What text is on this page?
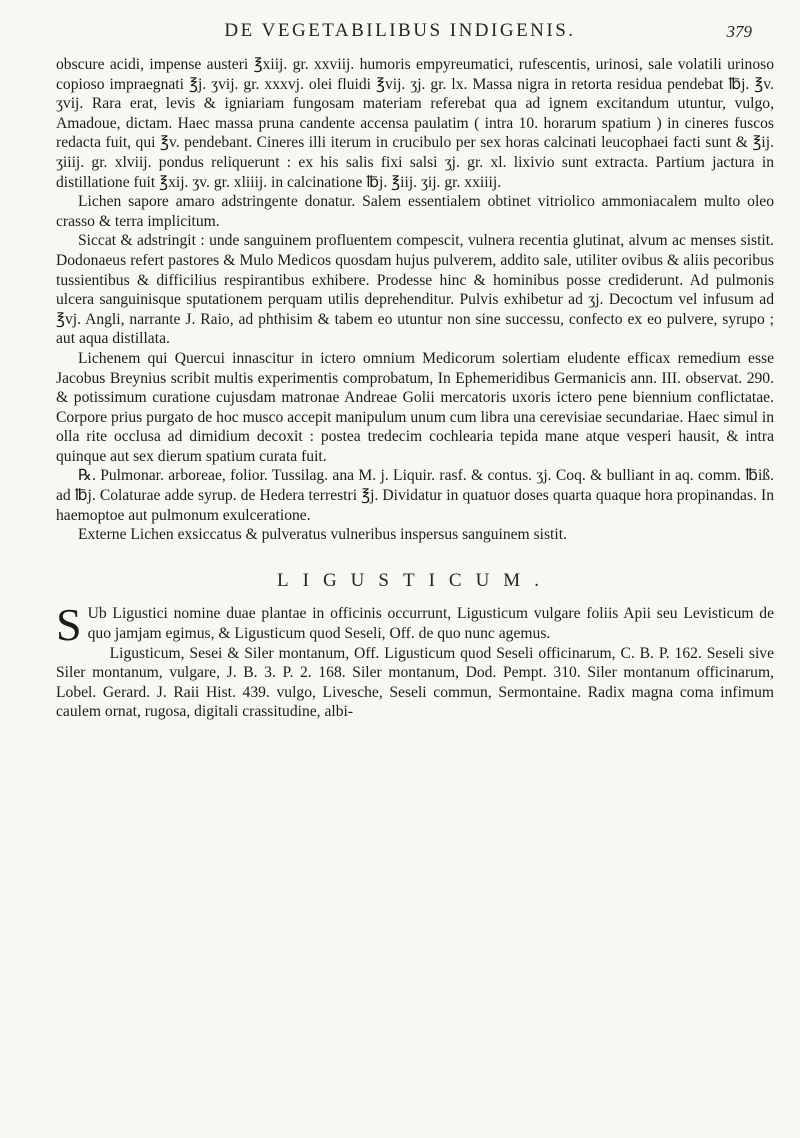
DE VEGETABILIBUS INDIGENIS.	379

obscure acidi, impense austeri ℥xiij. gr. xxviij. humoris empyreumatici, rufescentis, urinosi, sale volatili urinoso copioso impraegnati ℥j. ʒvij. gr. xxxvj. olei fluidi ℥vij. ʒj. gr. lx. Massa nigra in retorta residua pendebat ℔j. ℥v. ʒvij. Rara erat, levis & igniariam fungosam materiam referebat qua ad ignem excitandum utuntur, vulgo, Amadoue, dictam. Haec massa pruna candente accensa paulatim ( intra 10. horarum spatium ) in cineres fuscos redacta fuit, qui ℥v. pendebant. Cineres illi iterum in crucibulo per sex horas calcinati leucophaei facti sunt & ℥ij. ʒiiij. gr. xlviij. pondus reliquerunt : ex his salis fixi salsi ʒj. gr. xl. lixivio sunt extracta. Partium jactura in distillatione fuit ℥xij. ʒv. gr. xliiij. in calcinatione ℔j. ℥iij. ʒij. gr. xxiiij.

Lichen sapore amaro adstringente donatur. Salem essentialem obtinet vitriolico ammoniacalem multo oleo crasso & terra implicitum.

Siccat & adstringit : unde sanguinem profluentem compescit, vulnera recentia glutinat, alvum ac menses sistit. Dodonaeus refert pastores & Mulo Medicos quosdam hujus pulverem, addito sale, utiliter ovibus & aliis pecoribus tussientibus & difficilius respirantibus exhibere. Prodesse hinc & hominibus posse crediderunt. Ad pulmonis ulcera sanguinisque sputationem perquam utilis deprehenditur. Pulvis exhibetur ad ʒj. Decoctum vel infusum ad ℥vj. Angli, narrante J. Raio, ad phthisim & tabem eo utuntur non sine successu, confecto ex eo pulvere, syrupo ; aut aqua distillata.

Lichenem qui Quercui innascitur in ictero omnium Medicorum solertiam eludente efficax remedium esse Jacobus Breynius scribit multis experimentis comprobatum, In Ephemeridibus Germanicis ann. III. observat. 290. & potissimum curatione cujusdam matronae Andreae Golii mercatoris uxoris ictero pene biennium conflictatae. Corpore prius purgato de hoc musco accepit manipulum unum cum libra una cerevisiae secundariae. Haec simul in olla rite occlusa ad dimidium decoxit : postea tredecim cochlearia tepida mane atque vesperi hausit, & intra quinque aut sex dierum spatium curata fuit.

℞. Pulmonar. arboreae, folior. Tussilag. ana M. j. Liquir. rasf. & contus. ʒj. Coq. & bulliant in aq. comm. ℔iß. ad ℔j. Colaturae adde syrup. de Hedera terrestri ℥j. Dividatur in quatuor doses quarta quaque hora propinandas. In haemoptoe aut pulmonum exulceratione.

Externe Lichen exsiccatus & pulveratus vulneribus inspersus sanguinem sistit.

LIGUSTICUM.

S Ub Ligustici nomine duae plantae in officinis occurrunt, Ligusticum vulgare foliis Apii seu Levisticum de quo jamjam egimus, & Ligusticum quod Seseli, Off. de quo nunc agemus.

Ligusticum, Sesei & Siler montanum, Off. Ligusticum quod Seseli officinarum, C. B. P. 162. Seseli sive Siler montanum, vulgare, J. B. 3. P. 2. 168. Siler montanum, Dod. Pempt. 310. Siler montanum officinarum, Lobel. Gerard. J. Raii Hist. 439. vulgo, Livesche, Seseli commun, Sermontaine. Radix magna coma infimum caulem ornat, rugosa, digitali crassitudine, albi-
